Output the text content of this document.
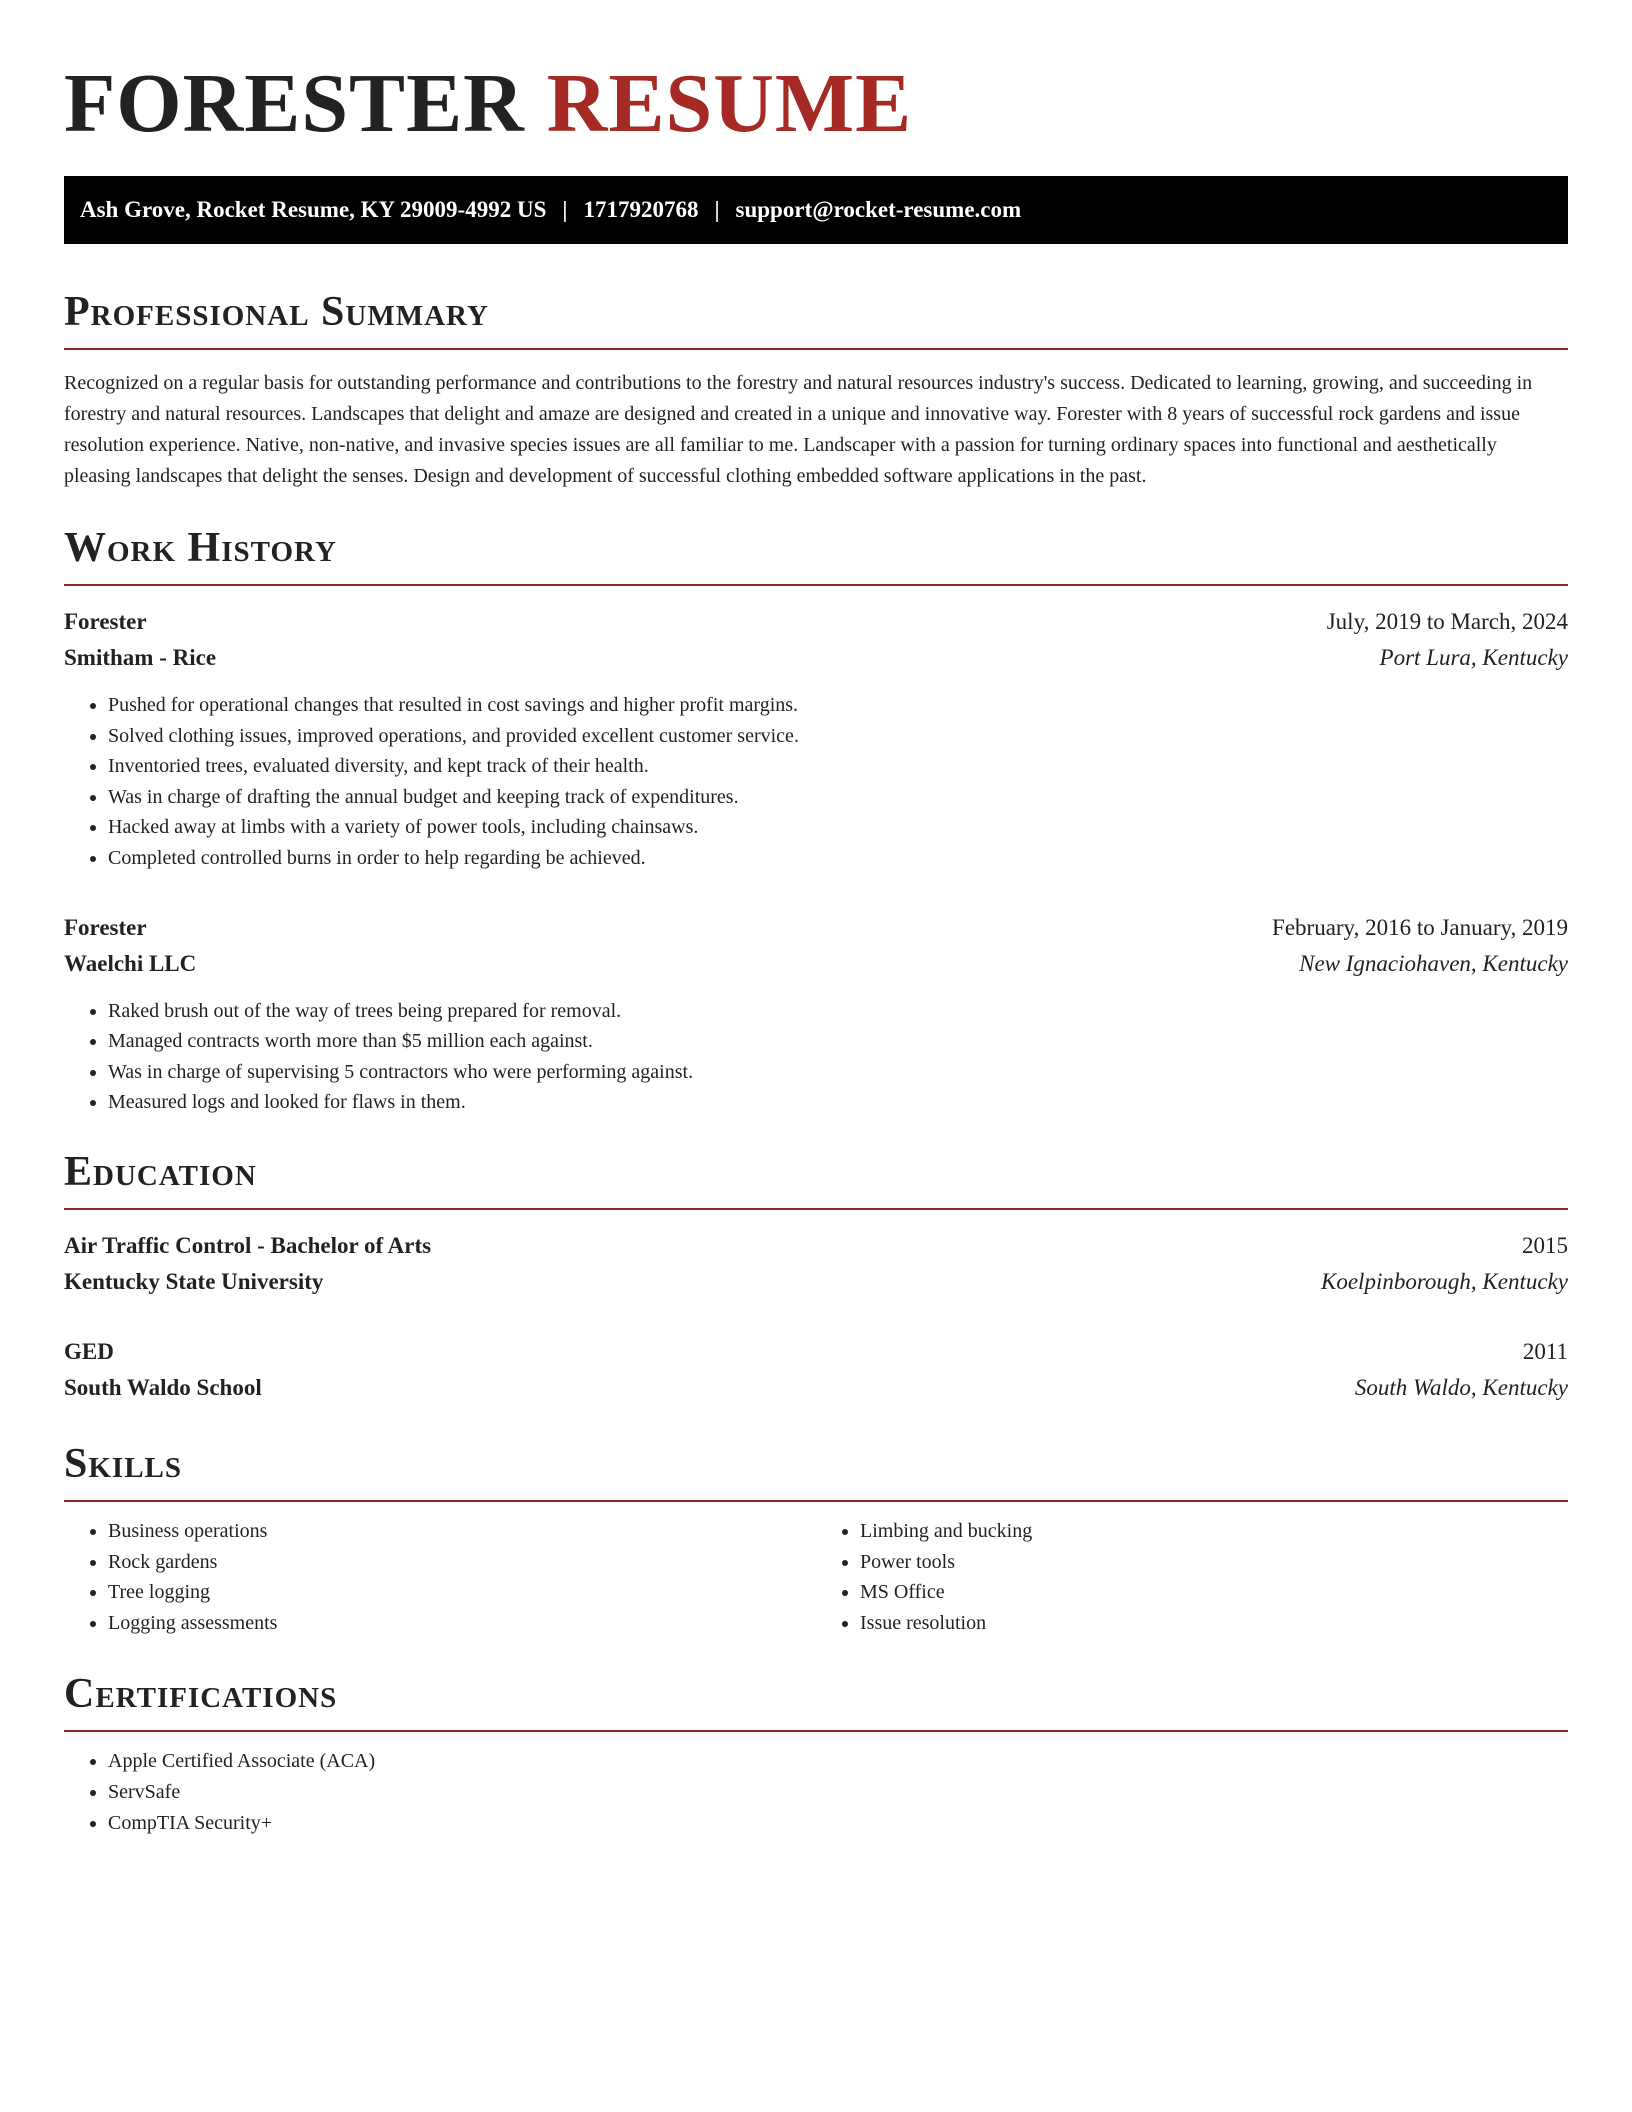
FORESTER RESUME
Ash Grove, Rocket Resume, KY 29009-4992 US | 1717920768 | support@rocket-resume.com
Professional Summary

Recognized on a regular basis for outstanding performance and contributions to the forestry and natural resources industry's success. Dedicated to learning, growing, and succeeding in forestry and natural resources. Landscapes that delight and amaze are designed and created in a unique and innovative way. Forester with 8 years of successful rock gardens and issue resolution experience. Native, non-native, and invasive species issues are all familiar to me. Landscaper with a passion for turning ordinary spaces into functional and aesthetically pleasing landscapes that delight the senses. Design and development of successful clothing embedded software applications in the past.

Work History
Forester	July, 2019 to March, 2024
Smitham - Rice	Port Lura, Kentucky
• Pushed for operational changes that resulted in cost savings and higher profit margins.
• Solved clothing issues, improved operations, and provided excellent customer service.
• Inventoried trees, evaluated diversity, and kept track of their health.
• Was in charge of drafting the annual budget and keeping track of expenditures.
• Hacked away at limbs with a variety of power tools, including chainsaws.
• Completed controlled burns in order to help regarding be achieved.
Forester	February, 2016 to January, 2019
Waelchi LLC	New Ignaciohaven, Kentucky
• Raked brush out of the way of trees being prepared for removal.
• Managed contracts worth more than $5 million each against.
• Was in charge of supervising 5 contractors who were performing against.
• Measured logs and looked for flaws in them.
Education
Air Traffic Control - Bachelor of Arts	2015
Kentucky State University	Koelpinborough, Kentucky
GED	2011
South Waldo School	South Waldo, Kentucky
Skills
• Business operations
• Rock gardens
• Tree logging
• Logging assessments
• Limbing and bucking
• Power tools
• MS Office
• Issue resolution
Certifications
• Apple Certified Associate (ACA)
• ServSafe
• CompTIA Security+
